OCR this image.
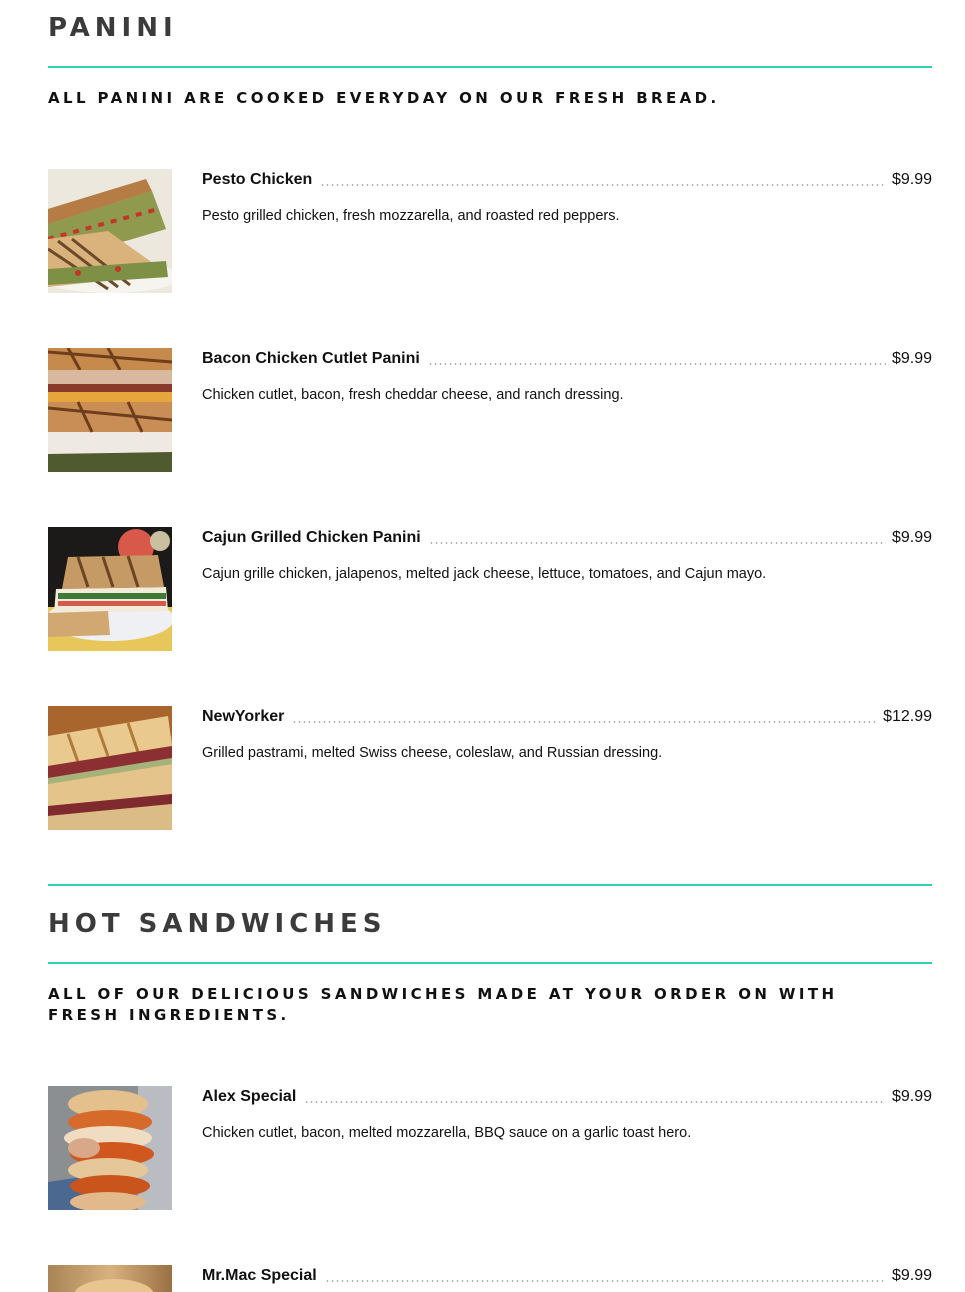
PANINI

ALL PANINI ARE COOKED EVERYDAY ON OUR FRESH BREAD.

Pesto Chicken	$9.99
Pesto grilled chicken, fresh mozzarella, and roasted red peppers.
Bacon Chicken Cutlet Panini	$9.99
Chicken cutlet, bacon, fresh cheddar cheese, and ranch dressing.
Cajun Grilled Chicken Panini	$9.99
Cajun grille chicken, jalapenos, melted jack cheese, lettuce, tomatoes, and Cajun mayo.
NewYorker	$12.99
Grilled pastrami, melted Swiss cheese, coleslaw, and Russian dressing.
HOT SANDWICHES

ALL OF OUR DELICIOUS SANDWICHES MADE AT YOUR ORDER ON WITH FRESH INGREDIENTS.

Alex Special	$9.99
Chicken cutlet, bacon, melted mozzarella, BBQ sauce on a garlic toast hero.
Mr.Mac Special	$9.99
